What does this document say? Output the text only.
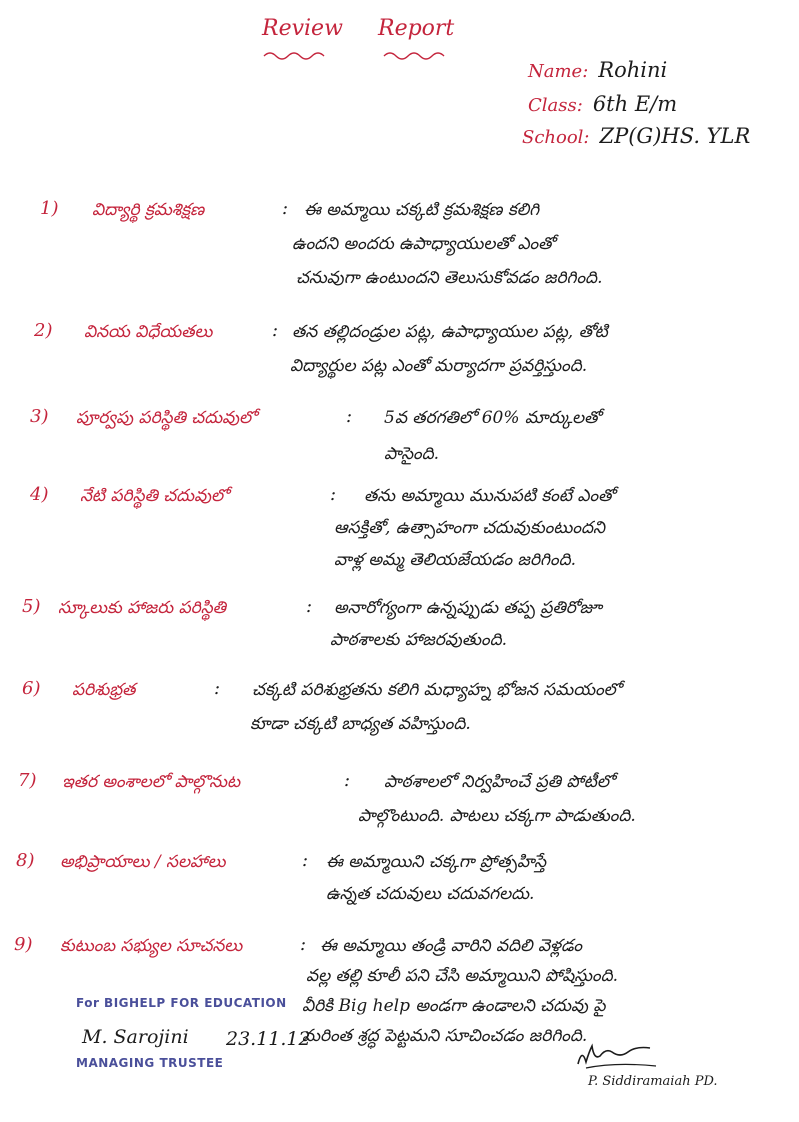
Review Report
Name: Rohini
Class: 6th E/m
School: ZP(G)HS. YLR
1) విద్యార్థి క్రమశిక్షణ	: ఈ అమ్మాయి చక్కటి క్రమశిక్షణ కలిగి
ఉందని అందరు ఉపాధ్యాయులతో ఎంతో
చనువుగా ఉంటుందని తెలుసుకోవడం జరిగింది.
2) వినయ విధేయతలు	: తన తల్లిదండ్రుల పట్ల, ఉపాధ్యాయుల పట్ల, తోటి
విద్యార్థుల పట్ల ఎంతో మర్యాదగా ప్రవర్తిస్తుంది.
3) పూర్వపు పరిస్థితి చదువులో	: 5వ తరగతిలో 60% మార్కులతో
పాసైంది.
4) నేటి పరిస్థితి చదువులో	: తను అమ్మాయి మునుపటి కంటే ఎంతో
ఆసక్తితో, ఉత్సాహంగా చదువుకుంటుందని
వాళ్ల అమ్మ తెలియజేయడం జరిగింది.
5) స్కూలుకు హాజరు పరిస్థితి	: అనారోగ్యంగా ఉన్నప్పుడు తప్ప ప్రతిరోజూ
పాఠశాలకు హాజరవుతుంది.
6) పరిశుభ్రత	: చక్కటి పరిశుభ్రతను కలిగి మధ్యాహ్న భోజన సమయంలో
కూడా చక్కటి బాధ్యత వహిస్తుంది.
7) ఇతర అంశాలలో పాల్గొనుట	: పాఠశాలలో నిర్వహించే ప్రతి పోటీలో
పాల్గొంటుంది. పాటలు చక్కగా పాడుతుంది.
8) అభిప్రాయాలు / సలహాలు	: ఈ అమ్మాయిని చక్కగా ప్రోత్సహిస్తే
ఉన్నత చదువులు చదువగలదు.
9) కుటుంబ సభ్యుల సూచనలు	: ఈ అమ్మాయి తండ్రి వారిని వదిలి వెళ్లడం
వల్ల తల్లి కూలీ పని చేసి అమ్మాయిని పోషిస్తుంది.
వీరికి Big help అండగా ఉండాలని చదువు పై
మరింత శ్రద్ధ పెట్టమని సూచించడం జరిగింది.
For BIGHELP FOR EDUCATION
M. Sarojini 23.11.12
MANAGING TRUSTEE
P. Siddiramaiah PD.
